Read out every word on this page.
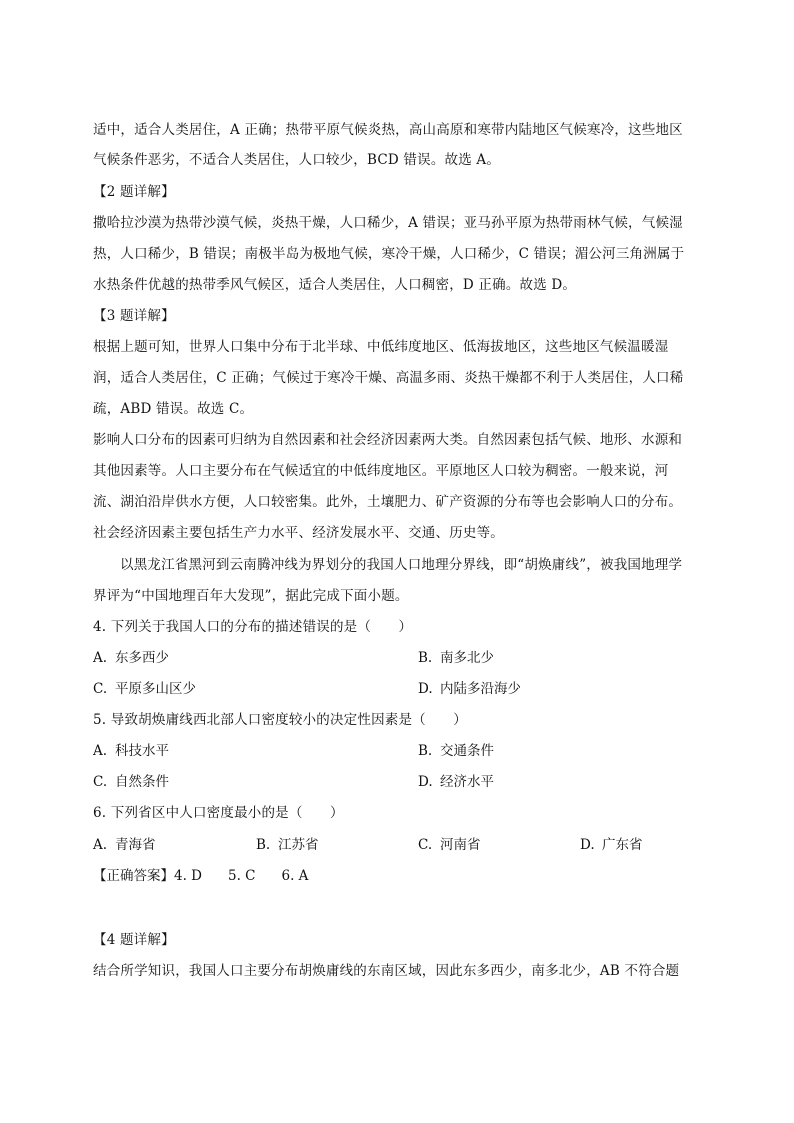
适中，适合人类居住，A 正确；热带平原气候炎热，高山高原和寒带内陆地区气候寒冷，这些地区
气候条件恶劣，不适合人类居住，人口较少，BCD 错误。故选 A。
【2 题详解】
撒哈拉沙漠为热带沙漠气候，炎热干燥，人口稀少，A 错误；亚马孙平原为热带雨林气候，气候湿
热，人口稀少，B 错误；南极半岛为极地气候，寒冷干燥，人口稀少，C 错误；湄公河三角洲属于
水热条件优越的热带季风气候区，适合人类居住，人口稠密，D 正确。故选 D。
【3 题详解】
根据上题可知，世界人口集中分布于北半球、中低纬度地区、低海拔地区，这些地区气候温暖湿
润，适合人类居住，C 正确；气候过于寒冷干燥、高温多雨、炎热干燥都不利于人类居住，人口稀
疏，ABD 错误。故选 C。
影响人口分布的因素可归纳为自然因素和社会经济因素两大类。自然因素包括气候、地形、水源和
其他因素等。人口主要分布在气候适宜的中低纬度地区。平原地区人口较为稠密。一般来说，河
流、湖泊沿岸供水方便，人口较密集。此外，土壤肥力、矿产资源的分布等也会影响人口的分布。
社会经济因素主要包括生产力水平、经济发展水平、交通、历史等。
以黑龙江省黑河到云南腾冲线为界划分的我国人口地理分界线，即“胡焕庸线”，被我国地理学
界评为“中国地理百年大发现”，据此完成下面小题。
4. 下列关于我国人口的分布的描述错误的是（　　）
A. 东多西少	B. 南多北少
C. 平原多山区少	D. 内陆多沿海少
5. 导致胡焕庸线西北部人口密度较小的决定性因素是（　　）
A. 科技水平	B. 交通条件
C. 自然条件	D. 经济水平
6. 下列省区中人口密度最小的是（　　）
A. 青海省	B. 江苏省	C. 河南省	D. 广东省
【正确答案】4. D 5. C 6. A
【4 题详解】
结合所学知识，我国人口主要分布胡焕庸线的东南区域，因此东多西少，南多北少，AB 不符合题
